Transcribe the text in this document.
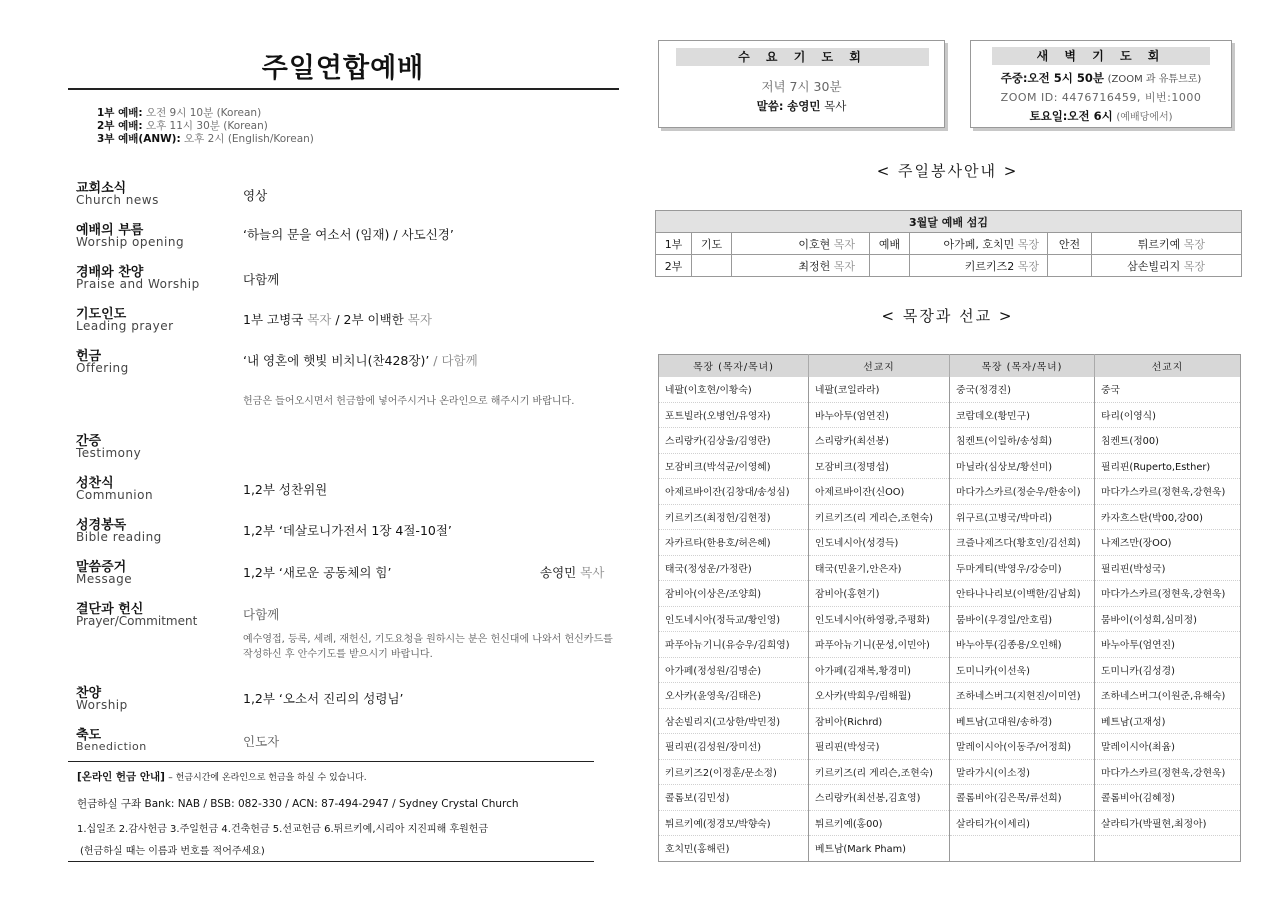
주일연합예배
1부 예배: 오전 9시 10분 (Korean)
2부 예배: 오후 11시 30분 (Korean)
3부 예배(ANW): 오후 2시 (English/Korean)
교회소식
Church news	영상
예배의 부름
Worship opening	‘하늘의 문을 여소서 (임재) / 사도신경’
경배와 찬양
Praise and Worship	다함께
기도인도
Leading prayer	1부 고병국 목자 / 2부 이백한 목자
헌금
Offering	‘내 영혼에 햇빛 비치니(찬428장)’ / 다함께
헌금은 들어오시면서 헌금함에 넣어주시거나 온라인으로 해주시기 바랍니다.
간증
Testimony
성찬식
Communion	1,2부 성찬위원
성경봉독
Bible reading	1,2부 ‘데살로니가전서 1장 4절-10절’
말씀증거
Message	1,2부 ‘새로운 공동체의 힘’	송영민 목사
결단과 헌신
Prayer/Commitment	다함께
예수영접, 등록, 세례, 재헌신, 기도요청을 원하시는 분은 헌신대에 나와서 헌신카드를 작성하신 후 안수기도를 받으시기 바랍니다.
찬양
Worship	1,2부 ‘오소서 진리의 성령님’
축도
Benediction	인도자
[온라인 헌금 안내] – 헌금시간에 온라인으로 헌금을 하실 수 있습니다.
헌금하실 구좌 Bank: NAB / BSB: 082-330 / ACN: 87-494-2947 / Sydney Crystal Church
1.십일조 2.감사헌금 3.주일헌금 4.건축헌금 5.선교헌금 6.튀르키예,시리아 지진피해 후원헌금
(헌금하실 때는 이름과 번호를 적어주세요)
수 요 기 도 회
저녁 7시 30분
말씀: 송영민 목사
새 벽 기 도 회
주중:오전 5시 50분 (ZOOM 과 유튜브로)
ZOOM ID: 4476716459, 비번:1000
토요일:오전 6시 (예배당에서)
< 주일봉사안내 >
3월달 예배 섬김						
1부	기도	이호현 목자	예배	아가페, 호치민 목장	안전	튀르키예 목장
2부		최정헌 목자		키르키즈2 목장		삼손빌리지 목장
< 목장과 선교 >
목장 (목자/목녀)	선교지	목장 (목자/목녀)	선교지
네팔(이호현/이황숙)	네팔(코일라라)	중국(정경진)	중국
포트빌라(오병언/유영자)	바누아투(엄연진)	코람데오(황민구)	타리(이영식)
스리랑카(김상울/김영란)	스리랑카(최선봉)	침켄트(이일하/송성희)	침켄트(정00)
모잠비크(박석균/이영혜)	모잠비크(정명섭)	마닐라(심상보/황선미)	필리핀(Ruperto,Esther)
아제르바이잔(김창대/송성심)	아제르바이잔(신OO)	마다가스카르(정순우/한송이)	마다가스카르(정현욱,강현욱)
키르키즈(최정헌/김현정)	키르키즈(리 게리슨,조현숙)	위구르(고병국/박마리)	카자흐스탄(박00,강00)
자카르타(한용호/허은혜)	인도네시아(성경득)	크즐나제즈다(황호인/김선희)	나제즈만(장OO)
태국(정성운/가정란)	태국(민윤기,안은자)	두마게티(박영우/강승미)	필리핀(박성국)
잠비아(이상은/조양희)	잠비아(홍현기)	안타나나리보(이백한/김남희)	마다가스카르(정현욱,강현욱)
인도네시아(정득교/황인영)	인도네시아(하영광,주평화)	뭄바이(우경일/안호림)	뭄바이(이성희,심미정)
파푸아뉴기니(유승우/김희영)	파푸아뉴기니(문성,이민아)	바누아투(김종용/오인해)	바누아투(엄연진)
아가페(정성원/김명순)	아가페(김재복,황경미)	도미니카(이선욱)	도미니카(김성경)
오사카(윤영욱/김태은)	오사카(박희우/림해월)	조하네스버그(지현진/이미연)	조하네스버그(이원준,유해숙)
삼손빌리지(고상한/박민정)	잠비아(Richrd)	베트남(고대원/송하경)	베트남(고재성)
필리핀(김성원/장미선)	필리핀(박성국)	말레이시아(이동주/어정희)	말레이시아(최윰)
키르키즈2(이정훈/문소정)	키르키즈(리 게리슨,조현숙)	말라가시(이소정)	마다가스카르(정현욱,강현욱)
콜롬보(김민성)	스리랑카(최선봉,김효영)	콜롬비아(김은목/류선희)	콜롬비아(김혜정)
튀르키예(정경모/박향숙)	튀르키예(홍00)	살라티가(이세리)	살라티가(박필현,최정아)
호치민(홍해린)	베트남(Mark Pham)		
